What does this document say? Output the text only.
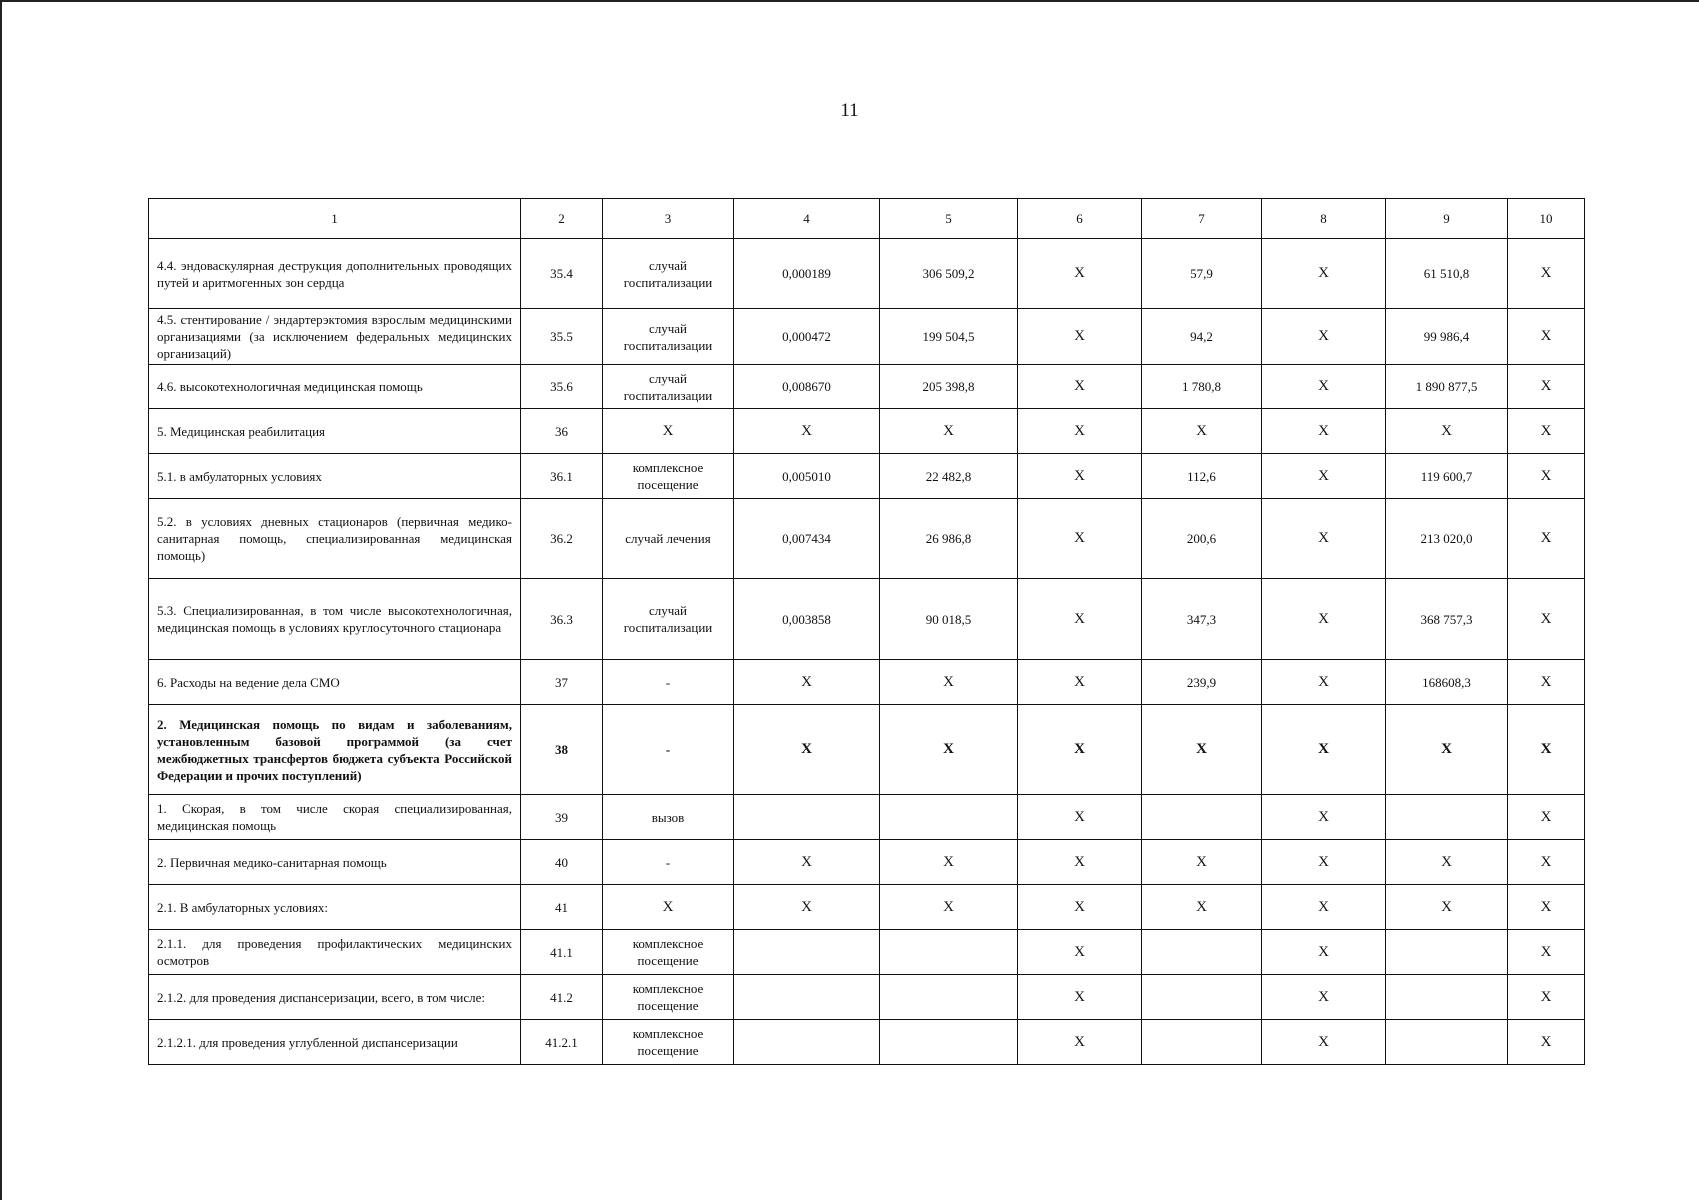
11
1	2	3	4	5	6	7	8	9	10
4.4. эндоваскулярная деструкция дополнительных проводящих путей и аритмогенных зон сердца	35.4	случай госпитализации	0,000189	306 509,2	X	57,9	X	61 510,8	X
4.5. стентирование / эндартерэктомия взрослым медицинскими организациями (за исключением федеральных медицинских организаций)	35.5	случай госпитализации	0,000472	199 504,5	X	94,2	X	99 986,4	X
4.6. высокотехнологичная медицинская помощь	35.6	случай госпитализации	0,008670	205 398,8	X	1 780,8	X	1 890 877,5	X
5. Медицинская реабилитация	36	X	X	X	X	X	X	X	X
5.1. в амбулаторных условиях	36.1	комплексное посещение	0,005010	22 482,8	X	112,6	X	119 600,7	X
5.2. в условиях дневных стационаров (первичная медико-санитарная помощь, специализированная медицинская помощь)	36.2	случай лечения	0,007434	26 986,8	X	200,6	X	213 020,0	X
5.3. Специализированная, в том числе высокотехнологичная, медицинская помощь в условиях круглосуточного стационара	36.3	случай госпитализации	0,003858	90 018,5	X	347,3	X	368 757,3	X
6. Расходы на ведение дела СМО	37	-	X	X	X	239,9	X	168608,3	X
2. Медицинская помощь по видам и заболеваниям, установленным базовой программой (за счет межбюджетных трансфертов бюджета субъекта Российской Федерации и прочих поступлений)	38	-	X	X	X	X	X	X	X
1. Скорая, в том числе скорая специализированная, медицинская помощь	39	вызов			X		X		X
2. Первичная медико-санитарная помощь	40	-	X	X	X	X	X	X	X
2.1. В амбулаторных условиях:	41	X	X	X	X	X	X	X	X
2.1.1. для проведения профилактических медицинских осмотров	41.1	комплексное посещение			X		X		X
2.1.2. для проведения диспансеризации, всего, в том числе:	41.2	комплексное посещение			X		X		X
2.1.2.1. для проведения углубленной диспансеризации	41.2.1	комплексное посещение			X		X		X
